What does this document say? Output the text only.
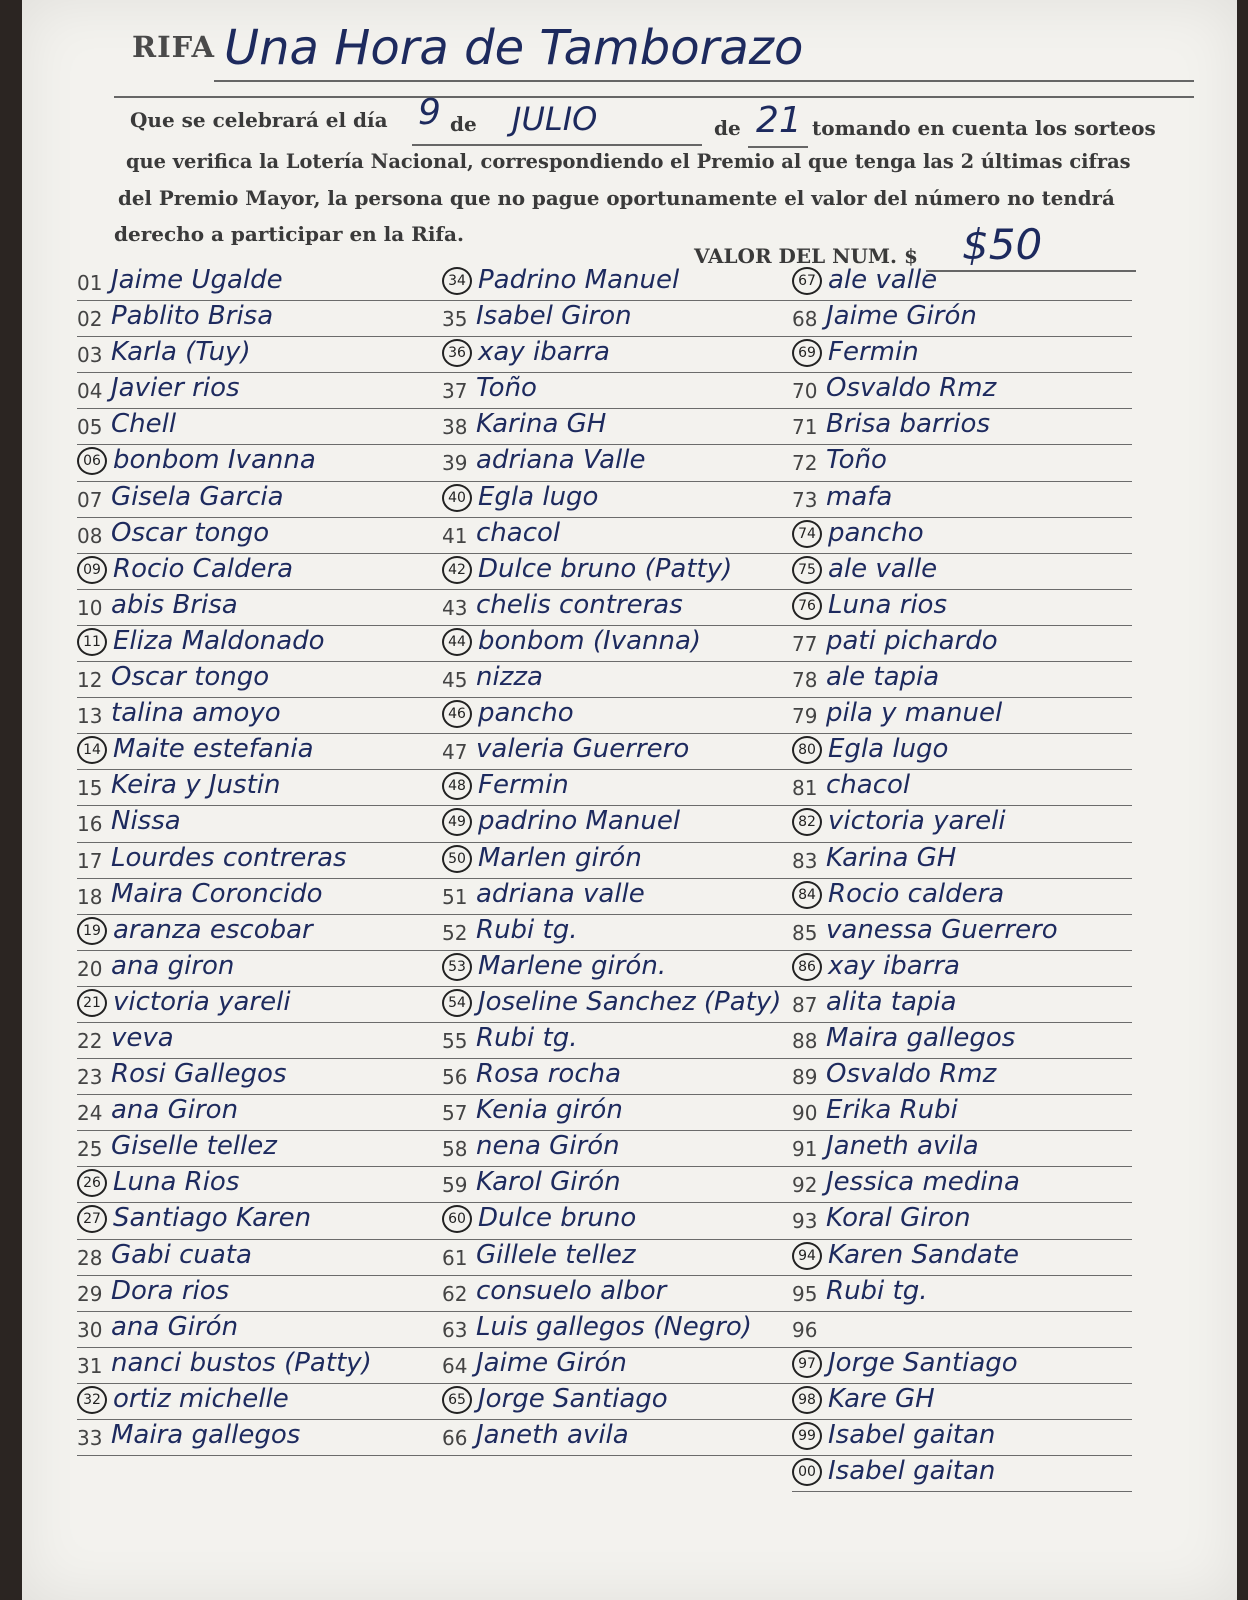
RIFA Una Hora de Tamborazo
Que se celebrará el día 9 de JULIO	de 21 tomando en cuenta los sorteos
que verifica la Lotería Nacional, correspondiendo el Premio al que tenga las 2 últimas cifras
del Premio Mayor, la persona que no pague oportunamente el valor del número no tendrá
derecho a participar en la Rifa.
VALOR DEL NUM. $ $50
01 Jaime Ugalde
02 Pablito Brisa
03 Karla (Tuy)
04 Javier rios
05 Chell
06 bonbom Ivanna
07 Gisela Garcia
08 Oscar tongo
09 Rocio Caldera
10 abis Brisa
11 Eliza Maldonado
12 Oscar tongo
13 talina amoyo
14 Maite estefania
15 Keira y Justin
16 Nissa
17 Lourdes contreras
18 Maira Coroncido
19 aranza escobar
20 ana giron
21 victoria yareli
22 veva
23 Rosi Gallegos
24 ana Giron
25 Giselle tellez
26 Luna Rios
27 Santiago Karen
28 Gabi cuata
29 Dora rios
30 ana Girón
31 nanci bustos (Patty)
32 ortiz michelle
33 Maira gallegos
34 Padrino Manuel
35 Isabel Giron
36 xay ibarra
37 Toño
38 Karina GH
39 adriana Valle
40 Egla lugo
41 chacol
42 Dulce bruno (Patty)
43 chelis contreras
44 bonbom (Ivanna)
45 nizza
46 pancho
47 valeria Guerrero
48 Fermin
49 padrino Manuel
50 Marlen girón
51 adriana valle
52 Rubi tg.
53 Marlene girón.
54 Joseline Sanchez (Paty)
55 Rubi tg.
56 Rosa rocha
57 Kenia girón
58 nena Girón
59 Karol Girón
60 Dulce bruno
61 Gillele tellez
62 consuelo albor
63 Luis gallegos (Negro)
64 Jaime Girón
65 Jorge Santiago
66 Janeth avila
67 ale valle
68 Jaime Girón
69 Fermin
70 Osvaldo Rmz
71 Brisa barrios
72 Toño
73 mafa
74 pancho
75 ale valle
76 Luna rios
77 pati pichardo
78 ale tapia
79 pila y manuel
80 Egla lugo
81 chacol
82 victoria yareli
83 Karina GH
84 Rocio caldera
85 vanessa Guerrero
86 xay ibarra
87 alita tapia
88 Maira gallegos
89 Osvaldo Rmz
90 Erika Rubi
91 Janeth avila
92 Jessica medina
93 Koral Giron
94 Karen Sandate
95 Rubi tg.
96
97 Jorge Santiago
98 Kare GH
99 Isabel gaitan
00 Isabel gaitan
